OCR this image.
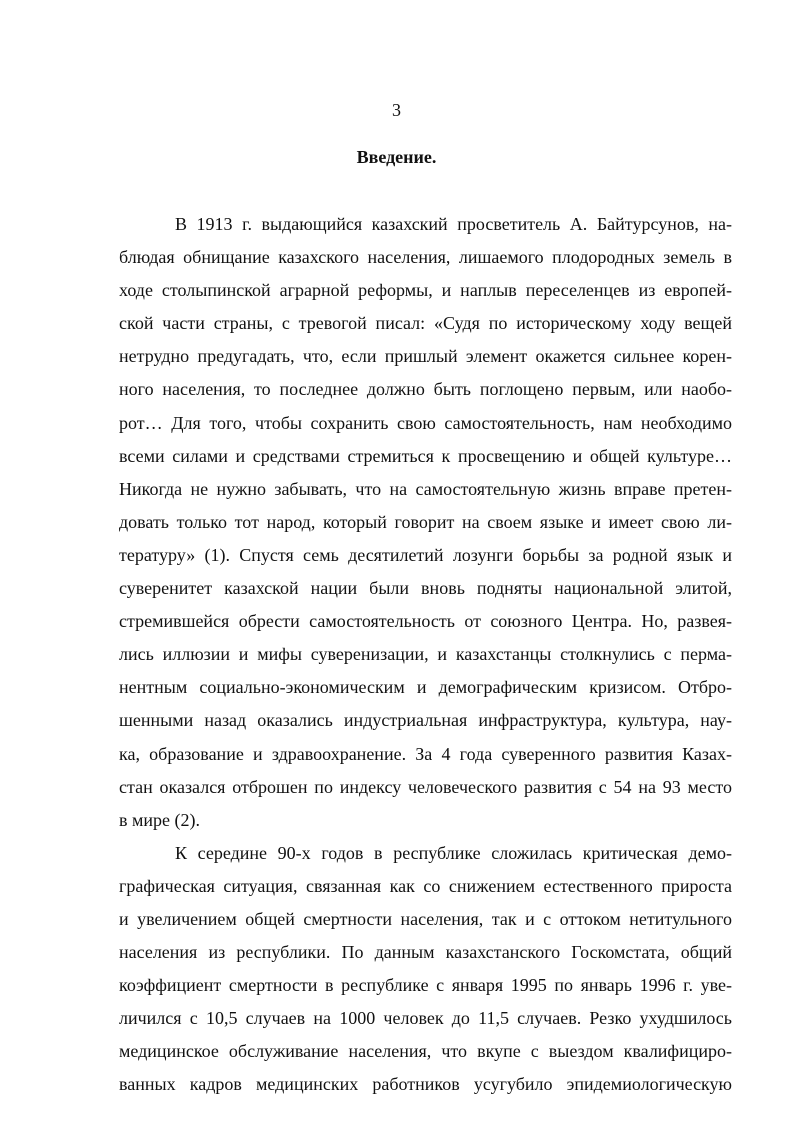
3
Введение.
В 1913 г. выдающийся казахский просветитель А. Байтурсунов, на-
блюдая обнищание казахского населения, лишаемого плодородных земель в
ходе столыпинской аграрной реформы, и наплыв переселенцев из европей-
ской части страны, с тревогой писал: «Судя по историческому ходу вещей
нетрудно предугадать, что, если пришлый элемент окажется сильнее корен-
ного населения, то последнее должно быть поглощено первым, или наобо-
рот… Для того, чтобы сохранить свою самостоятельность, нам необходимо
всеми силами и средствами стремиться к просвещению и общей культуре…
Никогда не нужно забывать, что на самостоятельную жизнь вправе претен-
довать только тот народ, который говорит на своем языке и имеет свою ли-
тературу» (1). Спустя семь десятилетий лозунги борьбы за родной язык и
суверенитет казахской нации были вновь подняты национальной элитой,
стремившейся обрести самостоятельность от союзного Центра. Но, развея-
лись иллюзии и мифы суверенизации, и казахстанцы столкнулись с перма-
нентным социально-экономическим и демографическим кризисом. Отбро-
шенными назад оказались индустриальная инфраструктура, культура, нау-
ка, образование и здравоохранение. За 4 года суверенного развития Казах-
стан оказался отброшен по индексу человеческого развития с 54 на 93 место
в мире (2).
К середине 90-х годов в республике сложилась критическая демо-
графическая ситуация, связанная как со снижением естественного прироста
и увеличением общей смертности населения, так и с оттоком нетитульного
населения из республики. По данным казахстанского Госкомстата, общий
коэффициент смертности в республике с января 1995 по январь 1996 г. уве-
личился с 10,5 случаев на 1000 человек до 11,5 случаев. Резко ухудшилось
медицинское обслуживание населения, что вкупе с выездом квалифициро-
ванных кадров медицинских работников усугубило эпидемиологическую
